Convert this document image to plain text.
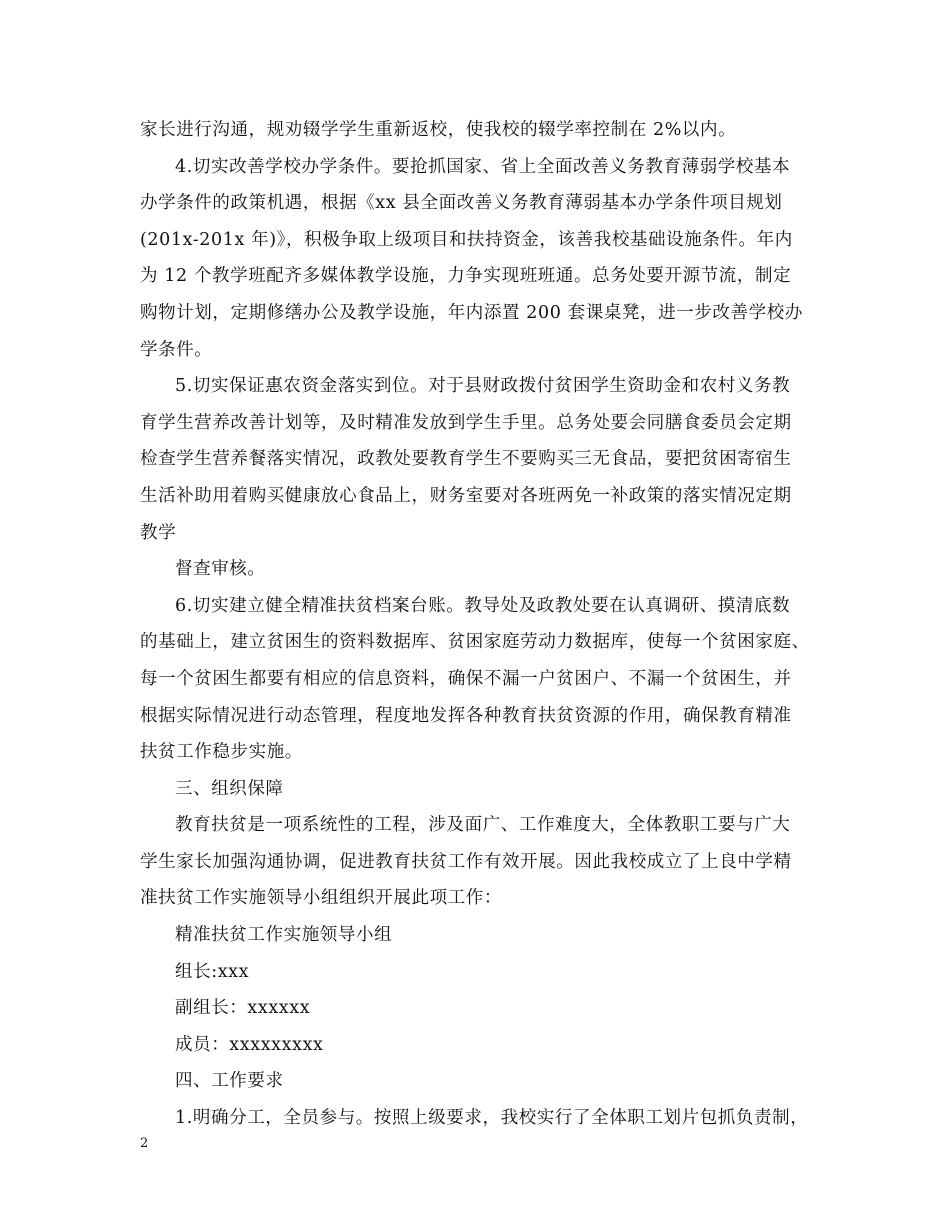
家长进行沟通，规劝辍学学生重新返校，使我校的辍学率控制在 2%以内。
4.切实改善学校办学条件。要抢抓国家、省上全面改善义务教育薄弱学校基本
办学条件的政策机遇，根据《xx 县全面改善义务教育薄弱基本办学条件项目规划
(201x-201x 年)》，积极争取上级项目和扶持资金，该善我校基础设施条件。年内
为 12 个教学班配齐多媒体教学设施，力争实现班班通。总务处要开源节流，制定
购物计划，定期修缮办公及教学设施，年内添置 200 套课桌凳，进一步改善学校办
学条件。
5.切实保证惠农资金落实到位。对于县财政拨付贫困学生资助金和农村义务教
育学生营养改善计划等，及时精准发放到学生手里。总务处要会同膳食委员会定期
检查学生营养餐落实情况，政教处要教育学生不要购买三无食品，要把贫困寄宿生
生活补助用着购买健康放心食品上，财务室要对各班两免一补政策的落实情况定期
教学
督查审核。
6.切实建立健全精准扶贫档案台账。教导处及政教处要在认真调研、摸清底数
的基础上，建立贫困生的资料数据库、贫困家庭劳动力数据库，使每一个贫困家庭、
每一个贫困生都要有相应的信息资料，确保不漏一户贫困户、不漏一个贫困生，并
根据实际情况进行动态管理，程度地发挥各种教育扶贫资源的作用，确保教育精准
扶贫工作稳步实施。
三、组织保障
教育扶贫是一项系统性的工程，涉及面广、工作难度大，全体教职工要与广大
学生家长加强沟通协调，促进教育扶贫工作有效开展。因此我校成立了上良中学精
准扶贫工作实施领导小组组织开展此项工作：
精准扶贫工作实施领导小组
组长:xxx
副组长：xxxxxx
成员：xxxxxxxxx
四、工作要求
1.明确分工，全员参与。按照上级要求，我校实行了全体职工划片包抓负责制，
2
